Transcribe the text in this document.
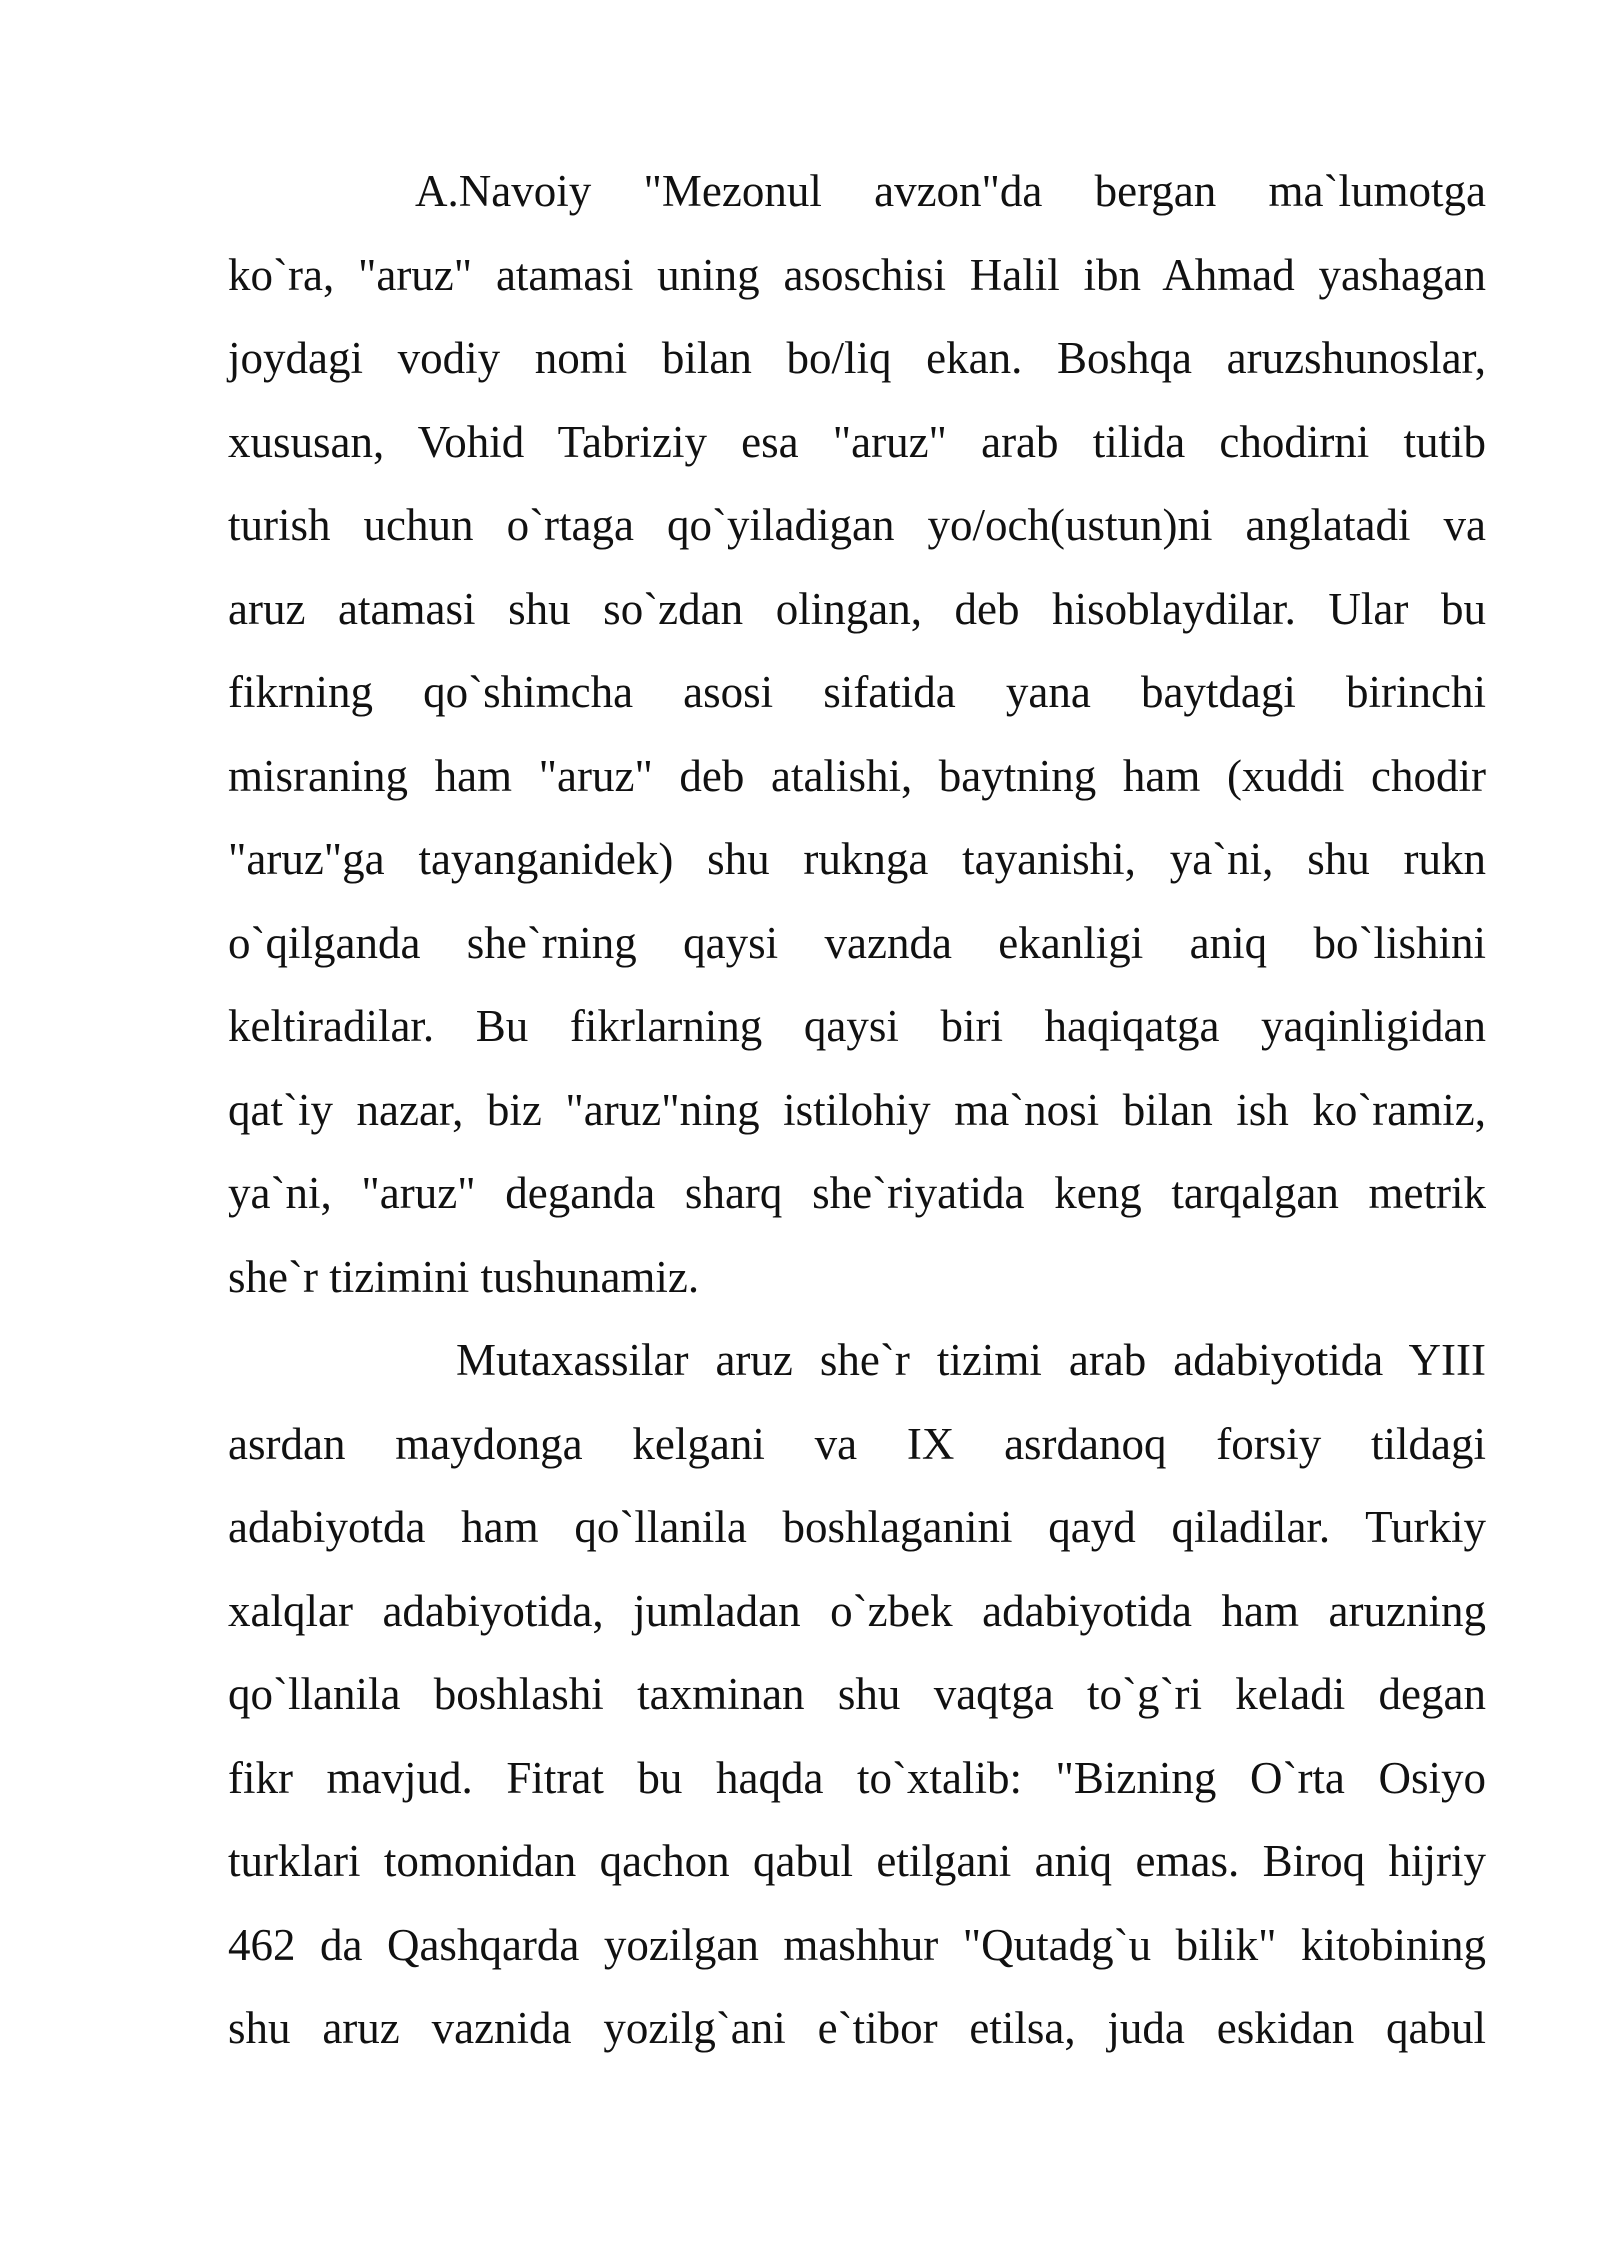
A.Navoiy "Mezonul avzon"da bergan ma`lumotga
ko`ra, "aruz" atamasi uning asoschisi Halil ibn Ahmad yashagan
joydagi vodiy nomi bilan bo/liq ekan. Boshqa aruzshunoslar,
xususan, Vohid Tabriziy esa "aruz" arab tilida chodirni tutib
turish uchun o`rtaga qo`yiladigan yo/och(ustun)ni anglatadi va
aruz atamasi shu so`zdan olingan, deb hisoblaydilar. Ular bu
fikrning qo`shimcha asosi sifatida yana baytdagi birinchi
misraning ham "aruz" deb atalishi, baytning ham (xuddi chodir
"aruz"ga tayanganidek) shu ruknga tayanishi, ya`ni, shu rukn
o`qilganda she`rning qaysi vaznda ekanligi aniq bo`lishini
keltiradilar. Bu fikrlarning qaysi biri haqiqatga yaqinligidan
qat`iy nazar, biz "aruz"ning istilohiy ma`nosi bilan ish ko`ramiz,
ya`ni, "aruz" deganda sharq she`riyatida keng tarqalgan metrik
she`r tizimini tushunamiz.

Mutaxassilar aruz she`r tizimi arab adabiyotida YIII
asrdan maydonga kelgani va IX asrdanoq forsiy tildagi
adabiyotda ham qo`llanila boshlaganini qayd qiladilar. Turkiy
xalqlar adabiyotida, jumladan o`zbek adabiyotida ham aruzning
qo`llanila boshlashi taxminan shu vaqtga to`g`ri keladi degan
fikr mavjud. Fitrat bu haqda to`xtalib: "Bizning O`rta Osiyo
turklari tomonidan qachon qabul etilgani aniq emas. Biroq hijriy
462 da Qashqarda yozilgan mashhur "Qutadg`u bilik" kitobining
shu aruz vaznida yozilg`ani e`tibor etilsa, juda eskidan qabul
